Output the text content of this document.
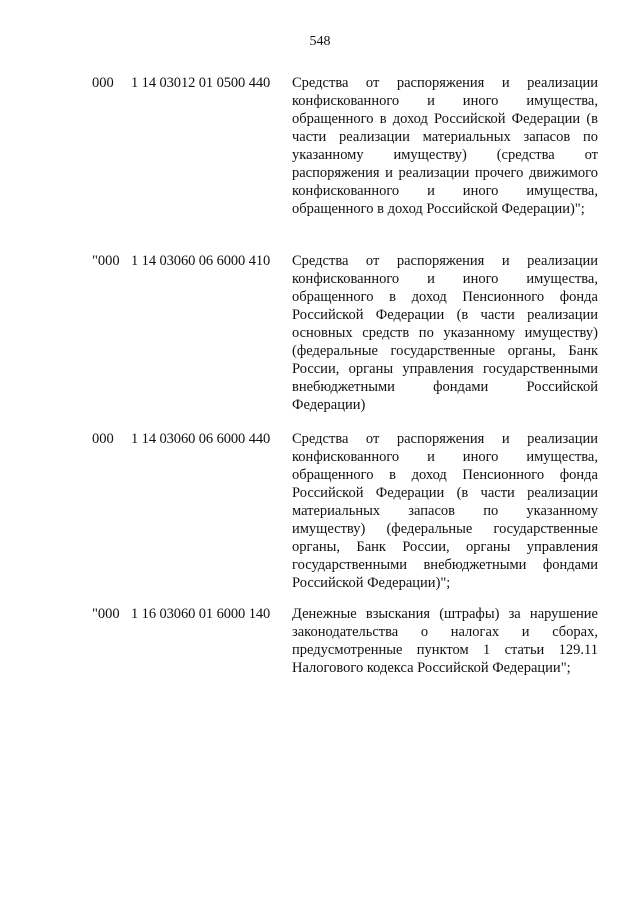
548
000 1 14 03012 01 0500 440 Средства от распоряжения и реализации конфискованного и иного имущества, обращенного в доход Российской Федерации (в части реализации материальных запасов по указанному имуществу) (средства от распоряжения и реализации прочего движимого конфискованного и иного имущества, обращенного в доход Российской Федерации)";
"000 1 14 03060 06 6000 410 Средства от распоряжения и реализации конфискованного и иного имущества, обращенного в доход Пенсионного фонда Российской Федерации (в части реализации основных средств по указанному имуществу) (федеральные государственные органы, Банк России, органы управления государственными внебюджетными фондами Российской Федерации)
000 1 14 03060 06 6000 440 Средства от распоряжения и реализации конфискованного и иного имущества, обращенного в доход Пенсионного фонда Российской Федерации (в части реализации материальных запасов по указанному имуществу) (федеральные государственные органы, Банк России, органы управления государственными внебюджетными фондами Российской Федерации)";
"000 1 16 03060 01 6000 140 Денежные взыскания (штрафы) за нарушение законодательства о налогах и сборах, предусмотренные пунктом 1 статьи 129.11 Налогового кодекса Российской Федерации";
